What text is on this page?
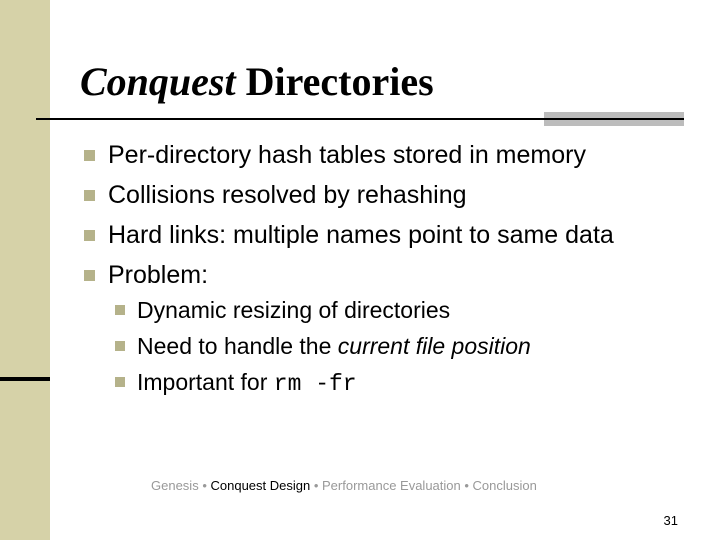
Conquest Directories
Per-directory hash tables stored in memory
Collisions resolved by rehashing
Hard links: multiple names point to same data
Problem:
Dynamic resizing of directories
Need to handle the current file position
Important for rm -fr
Genesis • Conquest Design • Performance Evaluation • Conclusion
31
